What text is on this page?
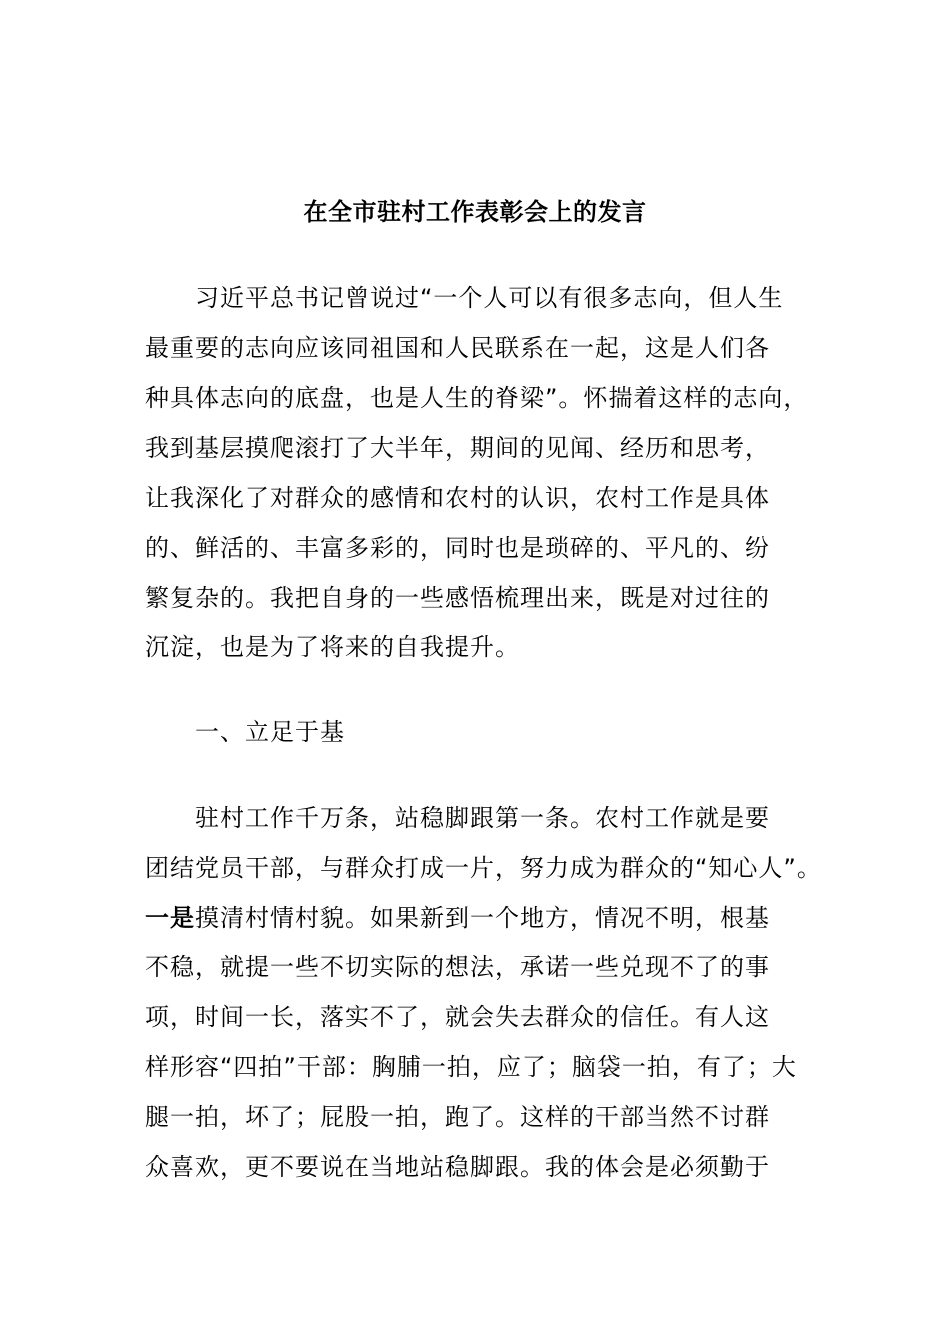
在全市驻村工作表彰会上的发言
习近平总书记曾说过“一个人可以有很多志向，但人生
最重要的志向应该同祖国和人民联系在一起，这是人们各
种具体志向的底盘，也是人生的脊梁”。怀揣着这样的志向，
我到基层摸爬滚打了大半年，期间的见闻、经历和思考，
让我深化了对群众的感情和农村的认识，农村工作是具体
的、鲜活的、丰富多彩的，同时也是琐碎的、平凡的、纷
繁复杂的。我把自身的一些感悟梳理出来，既是对过往的
沉淀，也是为了将来的自我提升。
一、立足于基
驻村工作千万条，站稳脚跟第一条。农村工作就是要
团结党员干部，与群众打成一片，努力成为群众的“知心人”。
一是摸清村情村貌。如果新到一个地方，情况不明，根基
不稳，就提一些不切实际的想法，承诺一些兑现不了的事
项，时间一长，落实不了，就会失去群众的信任。有人这
样形容“四拍”干部：胸脯一拍，应了；脑袋一拍，有了；大
腿一拍，坏了；屁股一拍，跑了。这样的干部当然不讨群
众喜欢，更不要说在当地站稳脚跟。我的体会是必须勤于
